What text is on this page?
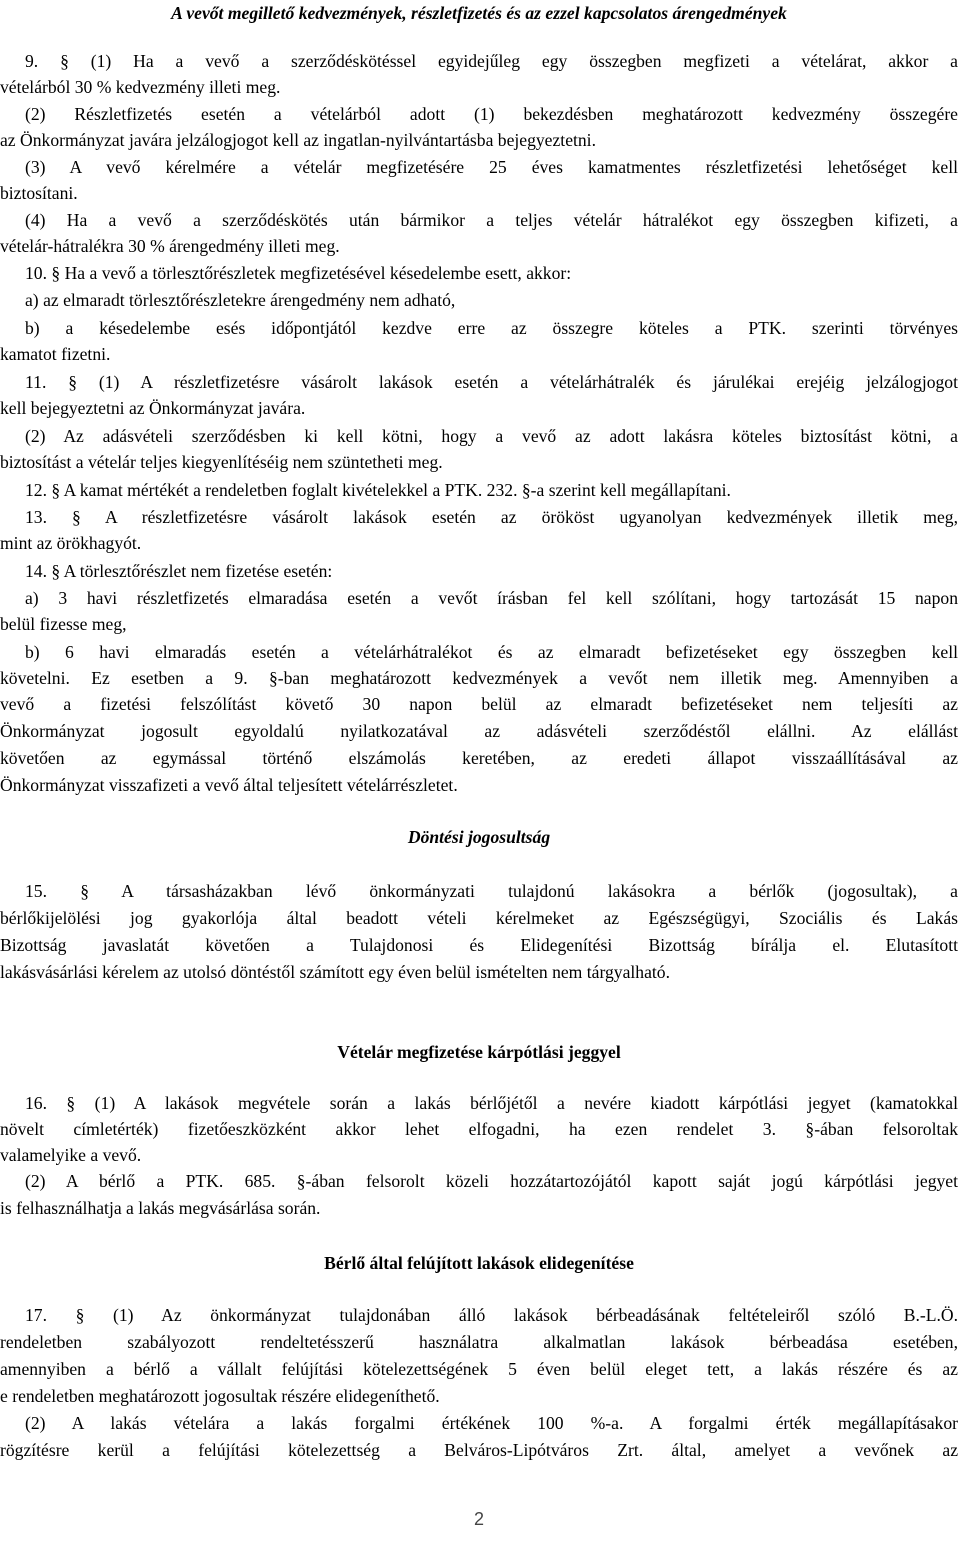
A vevőt megillető kedvezmények, részletfizetés és az ezzel kapcsolatos árengedmények
9. § (1) Ha a vevő a szerződéskötéssel egyidejűleg egy összegben megfizeti a vételárat, akkor a
vételárból 30 % kedvezmény illeti meg.
(2) Részletfizetés esetén a vételárból adott (1) bekezdésben meghatározott kedvezmény összegére
az Önkormányzat javára jelzálogjogot kell az ingatlan-nyilvántartásba bejegyeztetni.
(3) A vevő kérelmére a vételár megfizetésére 25 éves kamatmentes részletfizetési lehetőséget kell
biztosítani.
(4) Ha a vevő a szerződéskötés után bármikor a teljes vételár hátralékot egy összegben kifizeti, a
vételár-hátralékra 30 % árengedmény illeti meg.
10. § Ha a vevő a törlesztőrészletek megfizetésével késedelembe esett, akkor:
a) az elmaradt törlesztőrészletekre árengedmény nem adható,
b) a késedelembe esés időpontjától kezdve erre az összegre köteles a PTK. szerinti törvényes
kamatot fizetni.
11. § (1) A részletfizetésre vásárolt lakások esetén a vételárhátralék és járulékai erejéig jelzálogjogot
kell bejegyeztetni az Önkormányzat javára.
(2) Az adásvételi szerződésben ki kell kötni, hogy a vevő az adott lakásra köteles biztosítást kötni, a
biztosítást a vételár teljes kiegyenlítéséig nem szüntetheti meg.
12. § A kamat mértékét a rendeletben foglalt kivételekkel a PTK. 232. §-a szerint kell megállapítani.
13. § A részletfizetésre vásárolt lakások esetén az örököst ugyanolyan kedvezmények illetik meg,
mint az örökhagyót.
14. § A törlesztőrészlet nem fizetése esetén:
a) 3 havi részletfizetés elmaradása esetén a vevőt írásban fel kell szólítani, hogy tartozását 15 napon
belül fizesse meg,
b) 6 havi elmaradás esetén a vételárhátralékot és az elmaradt befizetéseket egy összegben kell
követelni. Ez esetben a 9. §-ban meghatározott kedvezmények a vevőt nem illetik meg. Amennyiben a
vevő a fizetési felszólítást követő 30 napon belül az elmaradt befizetéseket nem teljesíti az
Önkormányzat jogosult egyoldalú nyilatkozatával az adásvételi szerződéstől elállni. Az elállást
követően az egymással történő elszámolás keretében, az eredeti állapot visszaállításával az
Önkormányzat visszafizeti a vevő által teljesített vételárrészletet.
Döntési jogosultság
15. § A társasházakban lévő önkormányzati tulajdonú lakásokra a bérlők (jogosultak), a
bérlőkijelölési jog gyakorlója által beadott vételi kérelmeket az Egészségügyi, Szociális és Lakás
Bizottság javaslatát követően a Tulajdonosi és Elidegenítési Bizottság bírálja el. Elutasított
lakásvásárlási kérelem az utolsó döntéstől számított egy éven belül ismételten nem tárgyalható.
Vételár megfizetése kárpótlási jeggyel
16. § (1) A lakások megvétele során a lakás bérlőjétől a nevére kiadott kárpótlási jegyet (kamatokkal
növelt címletérték) fizetőeszközként akkor lehet elfogadni, ha ezen rendelet 3. §-ában felsoroltak
valamelyike a vevő.
(2) A bérlő a PTK. 685. §-ában felsorolt közeli hozzátartozójától kapott saját jogú kárpótlási jegyet
is felhasználhatja a lakás megvásárlása során.
Bérlő által felújított lakások elidegenítése
17. § (1) Az önkormányzat tulajdonában álló lakások bérbeadásának feltételeiről szóló B.-L.Ö.
rendeletben szabályozott rendeltetésszerű használatra alkalmatlan lakások bérbeadása esetében,
amennyiben a bérlő a vállalt felújítási kötelezettségének 5 éven belül eleget tett, a lakás részére és az
e rendeletben meghatározott jogosultak részére elidegeníthető.
(2) A lakás vételára a lakás forgalmi értékének 100 %-a. A forgalmi érték megállapításakor
rögzítésre kerül a felújítási kötelezettség a Belváros-Lipótváros Zrt. által, amelyet a vevőnek az
2
